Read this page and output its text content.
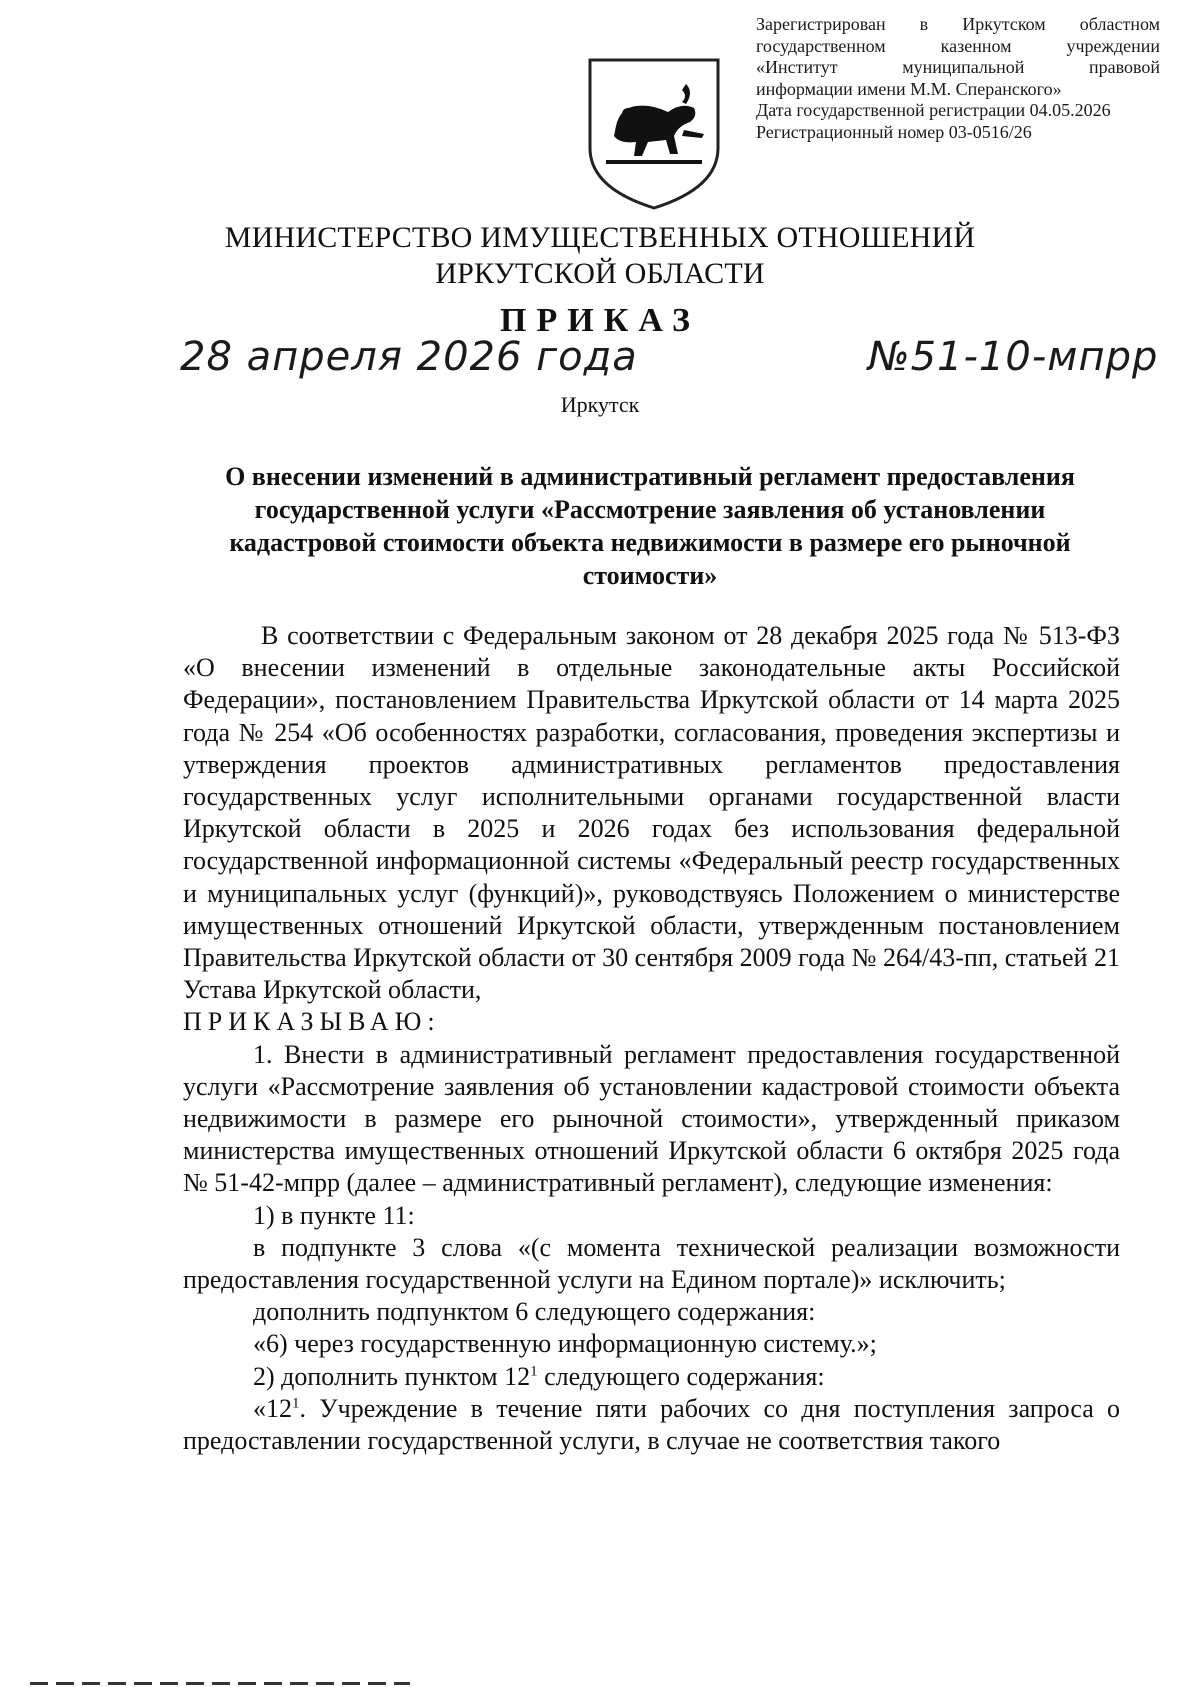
Зарегистрирован в Иркутском областном
государственном казенном учреждении
«Институт муниципальной правовой
информации имени М.М. Сперанского»
Дата государственной регистрации 04.05.2026
Регистрационный номер 03-0516/26
МИНИСТЕРСТВО ИМУЩЕСТВЕННЫХ ОТНОШЕНИЙ
ИРКУТСКОЙ ОБЛАСТИ
ПРИКАЗ
28 апреля 2026 года	№51-10-мпрр
Иркутск
О внесении изменений в административный регламент предоставления государственной услуги «Рассмотрение заявления об установлении кадастровой стоимости объекта недвижимости в размере его рыночной стоимости»

В соответствии с Федеральным законом от 28 декабря 2025 года № 513-ФЗ «О внесении изменений в отдельные законодательные акты Российской Федерации», постановлением Правительства Иркутской области от 14 марта 2025 года № 254 «Об особенностях разработки, согласования, проведения экспертизы и утверждения проектов административных регламентов предоставления государственных услуг исполнительными органами государственной власти Иркутской области в 2025 и 2026 годах без использования федеральной государственной информационной системы «Федеральный реестр государственных и муниципальных услуг (функций)», руководствуясь Положением о министерстве имущественных отношений Иркутской области, утвержденным постановлением Правительства Иркутской области от 30 сентября 2009 года № 264/43-пп, статьей 21 Устава Иркутской области,

ПРИКАЗЫВАЮ:

1. Внести в административный регламент предоставления государственной услуги «Рассмотрение заявления об установлении кадастровой стоимости объекта недвижимости в размере его рыночной стоимости», утвержденный приказом министерства имущественных отношений Иркутской области 6 октября 2025 года № 51-42-мпрр (далее – административный регламент), следующие изменения:

1) в пункте 11:

в подпункте 3 слова «(с момента технической реализации возможности предоставления государственной услуги на Едином портале)» исключить;

дополнить подпунктом 6 следующего содержания:

«6) через государственную информационную систему.»;

2) дополнить пунктом $12^1$ следующего содержания:

«$12^1$. Учреждение в течение пяти рабочих со дня поступления запроса о предоставлении государственной услуги, в случае не соответствия такого
